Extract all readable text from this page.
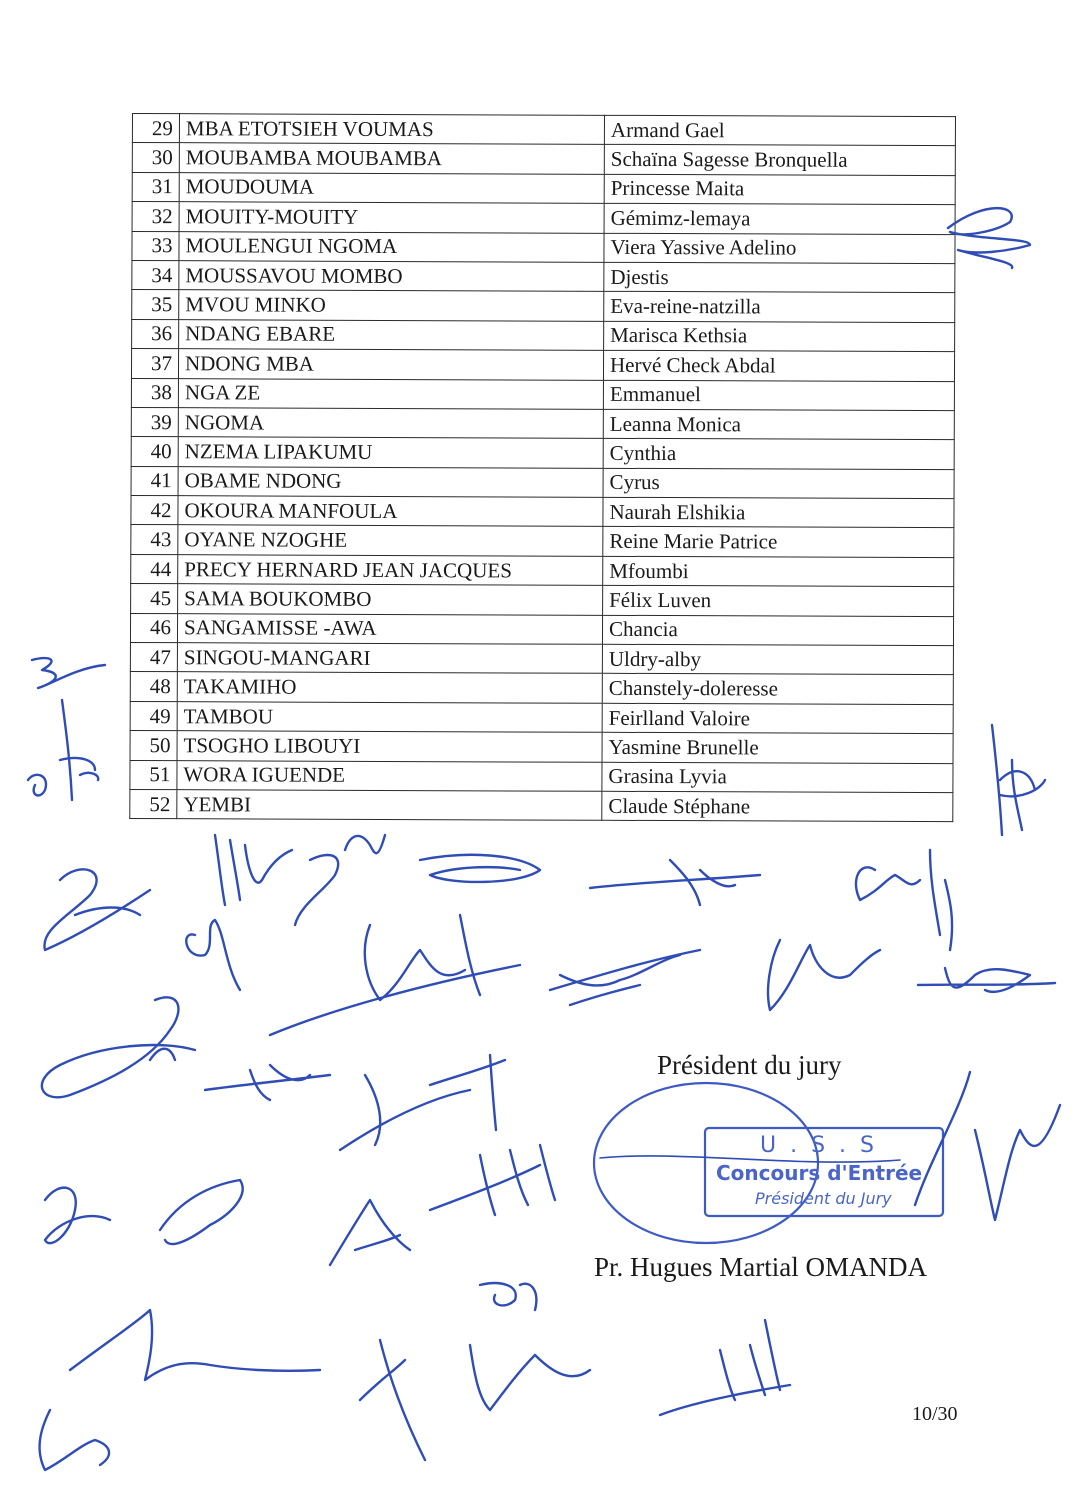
29	MBA ETOTSIEH VOUMAS	Armand Gael
30	MOUBAMBA MOUBAMBA	Schaïna Sagesse Bronquella
31	MOUDOUMA	Princesse Maita
32	MOUITY-MOUITY	Gémimz-lemaya
33	MOULENGUI NGOMA	Viera Yassive Adelino
34	MOUSSAVOU MOMBO	Djestis
35	MVOU MINKO	Eva-reine-natzilla
36	NDANG EBARE	Marisca Kethsia
37	NDONG MBA	Hervé Check Abdal
38	NGA ZE	Emmanuel
39	NGOMA	Leanna Monica
40	NZEMA LIPAKUMU	Cynthia
41	OBAME NDONG	Cyrus
42	OKOURA MANFOULA	Naurah Elshikia
43	OYANE NZOGHE	Reine Marie Patrice
44	PRECY HERNARD JEAN JACQUES	Mfoumbi
45	SAMA BOUKOMBO	Félix Luven
46	SANGAMISSE -AWA	Chancia
47	SINGOU-MANGARI	Uldry-alby
48	TAKAMIHO	Chanstely-doleresse
49	TAMBOU	Feirlland Valoire
50	TSOGHO LIBOUYI	Yasmine Brunelle
51	WORA IGUENDE	Grasina Lyvia
52	YEMBI	Claude Stéphane
U.S.S
Concours d'Entrée
Président du Jury
Président du jury
Pr. Hugues Martial OMANDA
10/30
